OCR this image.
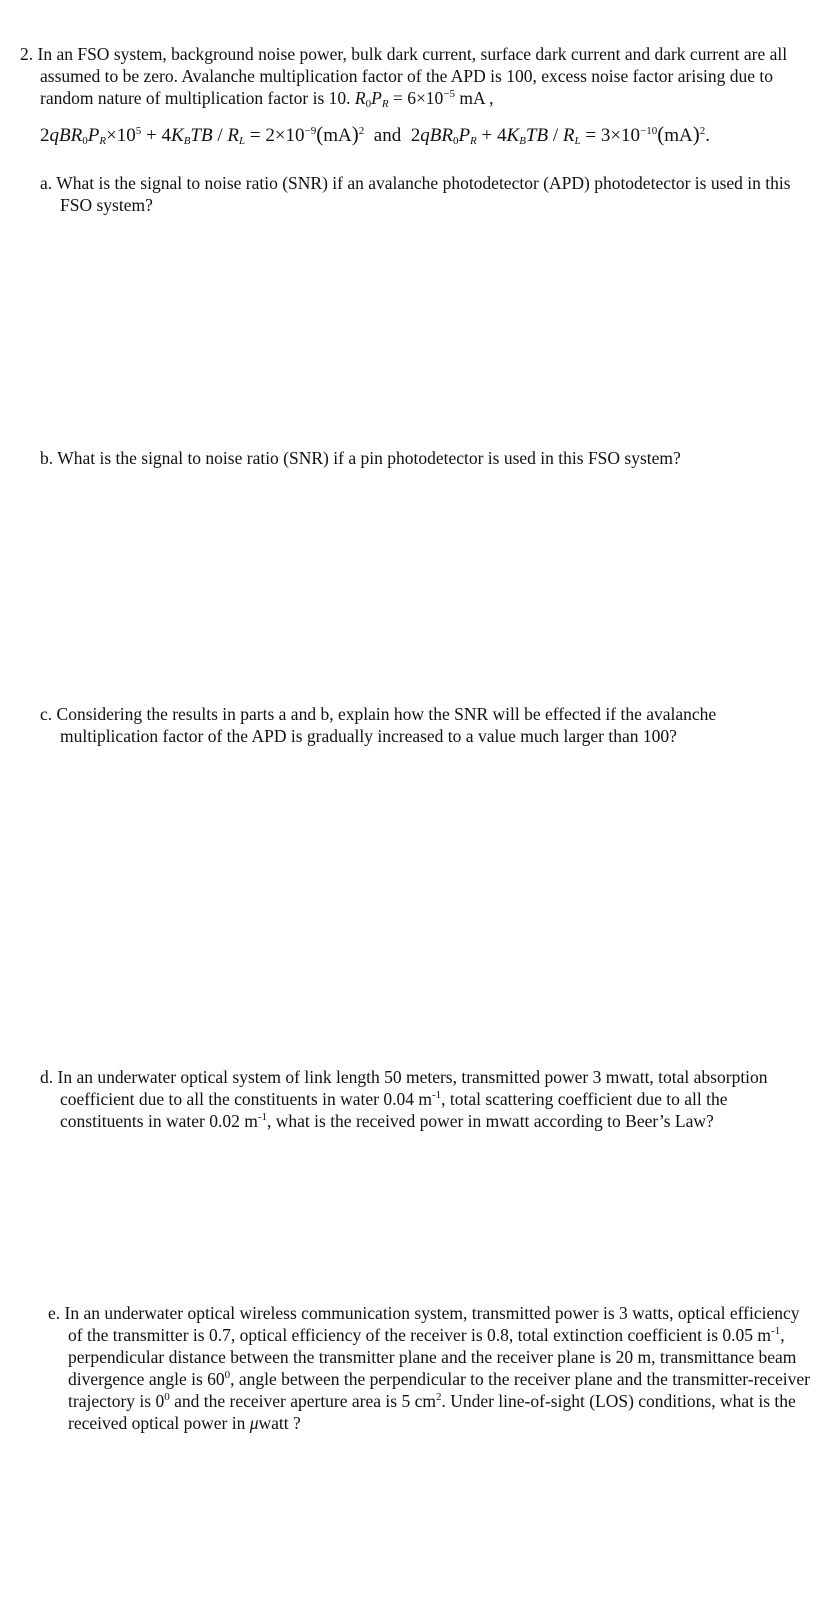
2. In an FSO system, background noise power, bulk dark current, surface dark current and dark current are all assumed to be zero. Avalanche multiplication factor of the APD is 100, excess noise factor arising due to random nature of multiplication factor is 10. $R_0P_R = 6\times 10^{-5}$ mA ,
$2qBR_0P_R\times 10^5 + 4K_BTB / R_L = 2\times 10^{-9}(mA)^2$ and  $2qBR_0P_R + 4K_BTB / R_L = 3\times 10^{-10}(mA)^2$.
a. What is the signal to noise ratio (SNR) if an avalanche photodetector (APD) photodetector is used in this FSO system?
b. What is the signal to noise ratio (SNR) if a pin photodetector is used in this FSO system?
c. Considering the results in parts a and b, explain how the SNR will be effected if the avalanche multiplication factor of the APD is gradually increased to a value much larger than 100?
d. In an underwater optical system of link length 50 meters, transmitted power 3 mwatt, total absorption coefficient due to all the constituents in water 0.04 $m^{-1}$, total scattering coefficient due to all the constituents in water 0.02 $m^{-1}$, what is the received power in mwatt according to Beer’s Law?
e. In an underwater optical wireless communication system, transmitted power is 3 watts, optical efficiency of the transmitter is 0.7, optical efficiency of the receiver is 0.8, total extinction coefficient is 0.05 $m^{-1}$, perpendicular distance between the transmitter plane and the receiver plane is 20 m, transmittance beam divergence angle is $60^0$, angle between the perpendicular to the receiver plane and the transmitter-receiver trajectory is $0^0$ and the receiver aperture area is 5 $cm^2$. Under line-of-sight (LOS) conditions, what is the received optical power in μwatt ?
